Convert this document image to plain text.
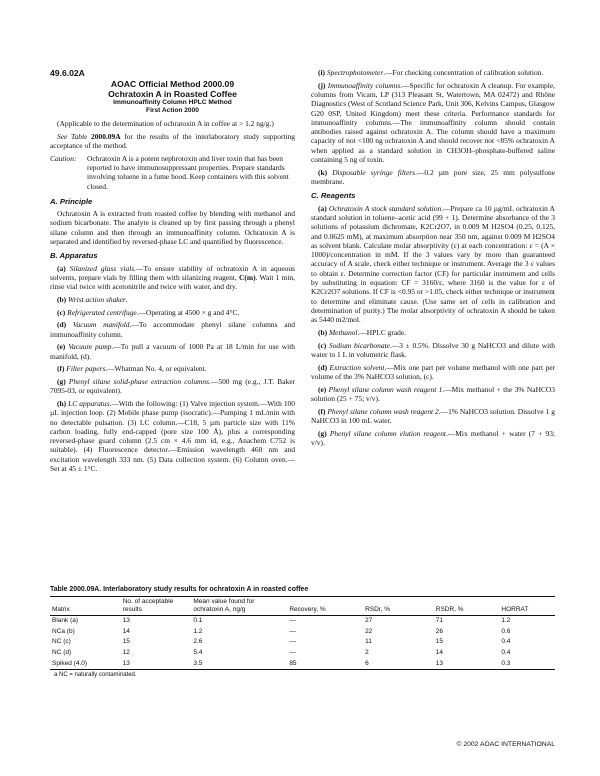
49.6.02A
AOAC Official Method 2000.09
Ochratoxin A in Roasted Coffee
Immunoaffinity Column HPLC Method
First Action 2000

(Applicable to the determination of ochratoxin A in coffee at > 1.2 ng/g.)

See Table 2000.09A for the results of the interlaboratory study supporting acceptance of the method.

Caution:	Ochratoxin A is a potent nephrotoxin and liver toxin that has been reported to have immunosuppressant properties. Prepare standards involving toluene in a fume hood. Keep containers with this solvent closed.
A. Principle

Ochratoxin A is extracted from roasted coffee by blending with methanol and sodium bicarbonate. The analyte is cleaned up by first passing through a phenyl silane column and then through an immunoaffinity column. Ochratoxin A is separated and identified by reversed-phase LC and quantified by fluorescence.

B. Apparatus

(a) Silanized glass vials.—To ensure stability of ochratoxin A in aqueous solvents, prepare vials by filling them with silanizing reagent, C(m). Wait 1 min, rinse vial twice with acetonitrile and twice with water, and dry.

(b) Wrist action shaker.

(c) Refrigerated centrifuge.—Operating at 4500 × g and 4°C.

(d) Vacuum manifold.—To accommodate phenyl silane columns and immunoaffinity column.

(e) Vacuum pump.—To pull a vacuum of 1000 Pa at 18 L/min for use with manifold, (d).

(f) Filter papers.—Whatman No. 4, or equivalent.

(g) Phenyl silane solid-phase extraction columns.—500 mg (e.g., J.T. Baker 7095-03, or equivalent).

(h) LC apparatus.—With the following: (1) Valve injection system.—With 100 µL injection loop. (2) Mobile phase pump (isocratic).—Pumping 1 mL/min with no detectable pulsation. (3) LC column.—C18, 5 µm particle size with 11% carbon loading, fully end-capped (pore size 100 Å), plus a corresponding reversed-phase guard column (2.5 cm × 4.6 mm id, e.g., Anachem C752 is suitable). (4) Fluorescence detector.—Emission wavelength 460 nm and excitation wavelength 333 nm. (5) Data collection system. (6) Column oven.—Set at 45 ± 1°C.

(i) Spectrophotometer.—For checking concentration of calibration solution.

(j) Immunoaffinity columns.—Specific for ochratoxin A cleanup. For example, columns from Vicam, LP (313 Pleasant St, Watertown, MA 02472) and Rhône Diagnostics (West of Scotland Science Park, Unit 306, Kelvins Campus, Glasgow G20 0SP, United Kingdom) meet these criteria. Performance standards for immunoaffinity columns.—The immunoaffinity column should contain antibodies raised against ochratoxin A. The column should have a maximum capacity of not <100 ng ochratoxin A and should recover not <85% ochratoxin A when applied as a standard solution in CH3OH–phosphate-buffered saline containing 5 ng of toxin.

(k) Disposable syringe filters.—0.2 µm pore size, 25 mm polysulfone membrane.

C. Reagents

(a) Ochratoxin A stock standard solution.—Prepare ca 10 µg/mL ochratoxin A standard solution in toluene–acetic acid (99 + 1). Determine absorbance of the 3 solutions of potassium dichromate, K2Cr2O7, in 0.009 M H2SO4 (0.25, 0.125, and 0.0625 mM), at maximum absorption near 350 nm, against 0.009 M H2SO4 as solvent blank. Calculate molar absorptivity (ε) at each concentration: ε = (A × 1000)/concentration in mM. If the 3 values vary by more than guaranteed accuracy of A scale, check either technique or instrument. Average the 3 ε values to obtain ε. Determine correction factor (CF) for particular instrument and cells by substituting in equation: CF = 3160/ε, where 3160 is the value for ε of K2Cr2O7 solutions. If CF is <0.95 or >1.05, check either technique or instrument to determine and eliminate cause. (Use same set of cells in calibration and determination of purity.) The molar absorptivity of ochratoxin A should be taken as 5440 m2/mol.

(b) Methanol.—HPLC grade.

(c) Sodium bicarbonate.—3 ± 0.5%. Dissolve 30 g NaHCO3 and dilute with water to 1 L in volumetric flask.

(d) Extraction solvent.—Mix one part per volume methanol with one part per volume of the 3% NaHCO3 solution, (c).

(e) Phenyl silane column wash reagent 1.—Mix methanol + the 3% NaHCO3 solution (25 + 75; v/v).

(f) Phenyl silane column wash reagent 2.—1% NaHCO3 solution. Dissolve 1 g NaHCO3 in 100 mL water.

(g) Phenyl silane column elution reagent.—Mix methanol + water (7 + 93; v/v).

Table 2000.09A. Interlaboratory study results for ochratoxin A in roasted coffee
Matrix	No. of acceptable results	Mean value found for ochratoxin A, ng/g	Recovery, %	RSDr, %	RSDR, %	HORRAT
Blank (a)	13	0.1	—	27	71	1.2
NCa (b)	14	1.2	—	22	26	0.6
NC (c)	15	2.6	—	11	15	0.4
NC (d)	12	5.4	—	2	14	0.4
Spiked (4.0)	13	3.5	85	6	13	0.3
a NC = naturally contaminated.
© 2002 AOAC INTERNATIONAL
